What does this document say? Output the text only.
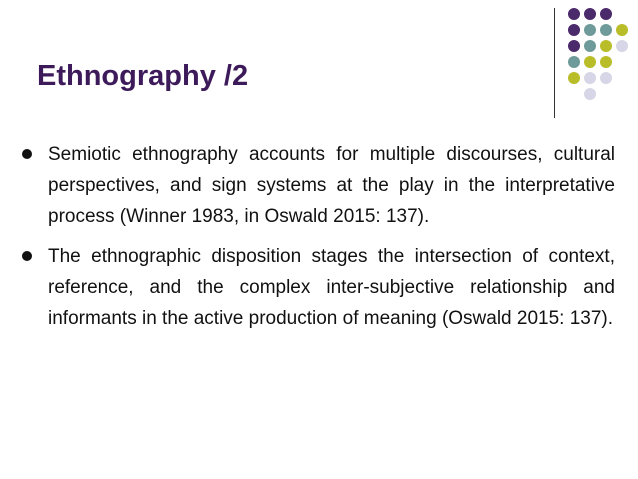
Ethnography /2
Semiotic ethnography accounts for multiple discourses, cultural perspectives, and sign systems at the play in the interpretative process (Winner 1983, in Oswald 2015: 137).
The ethnographic disposition stages the intersection of context, reference, and the complex inter-subjective relationship and informants in the active production of meaning (Oswald 2015: 137).
